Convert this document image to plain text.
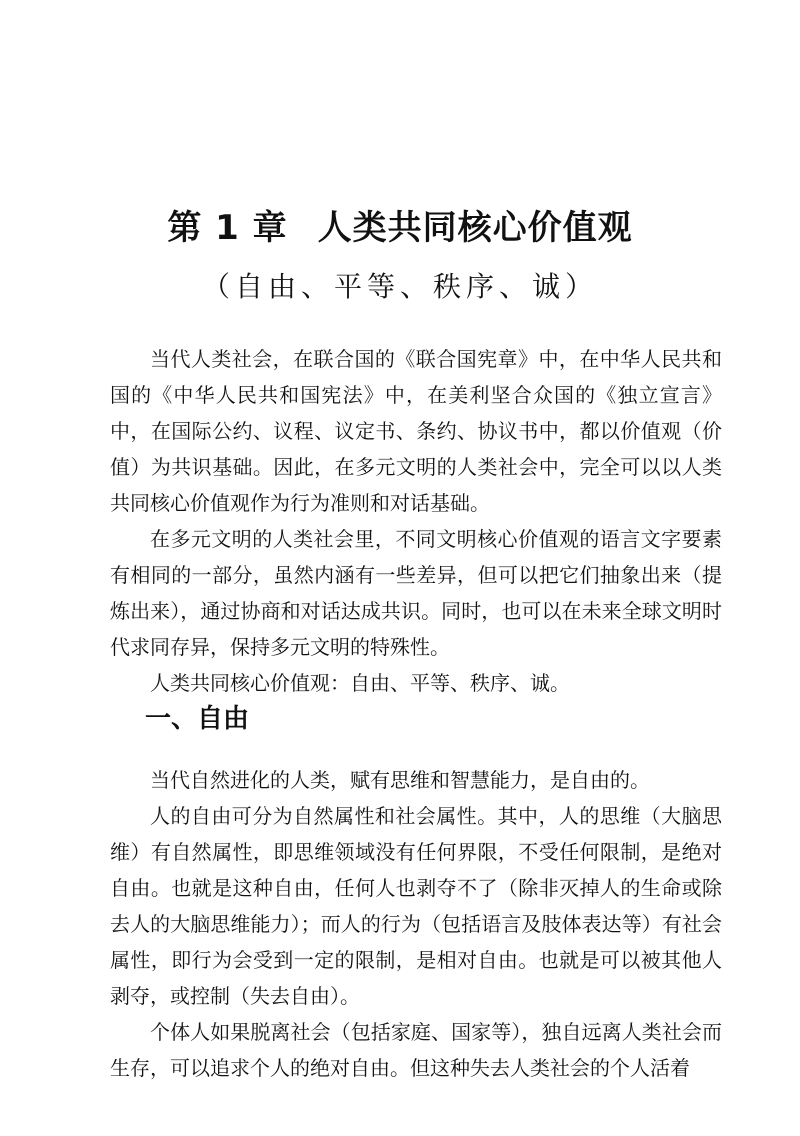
第 1 章 人类共同核心价值观
（自由、平等、秩序、诚）

当代人类社会，在联合国的《联合国宪章》中，在中华人民共和国的《中华人民共和国宪法》中，在美利坚合众国的《独立宣言》中，在国际公约、议程、议定书、条约、协议书中，都以价值观（价值）为共识基础。因此，在多元文明的人类社会中，完全可以以人类共同核心价值观作为行为准则和对话基础。

在多元文明的人类社会里，不同文明核心价值观的语言文字要素有相同的一部分，虽然内涵有一些差异，但可以把它们抽象出来（提炼出来），通过协商和对话达成共识。同时，也可以在未来全球文明时代求同存异，保持多元文明的特殊性。

人类共同核心价值观：自由、平等、秩序、诚。

一、自由

当代自然进化的人类，赋有思维和智慧能力，是自由的。

人的自由可分为自然属性和社会属性。其中，人的思维（大脑思维）有自然属性，即思维领域没有任何界限，不受任何限制，是绝对自由。也就是这种自由，任何人也剥夺不了（除非灭掉人的生命或除去人的大脑思维能力）；而人的行为（包括语言及肢体表达等）有社会属性，即行为会受到一定的限制，是相对自由。也就是可以被其他人剥夺，或控制（失去自由）。

个体人如果脱离社会（包括家庭、国家等），独自远离人类社会而生存，可以追求个人的绝对自由。但这种失去人类社会的个人活着
